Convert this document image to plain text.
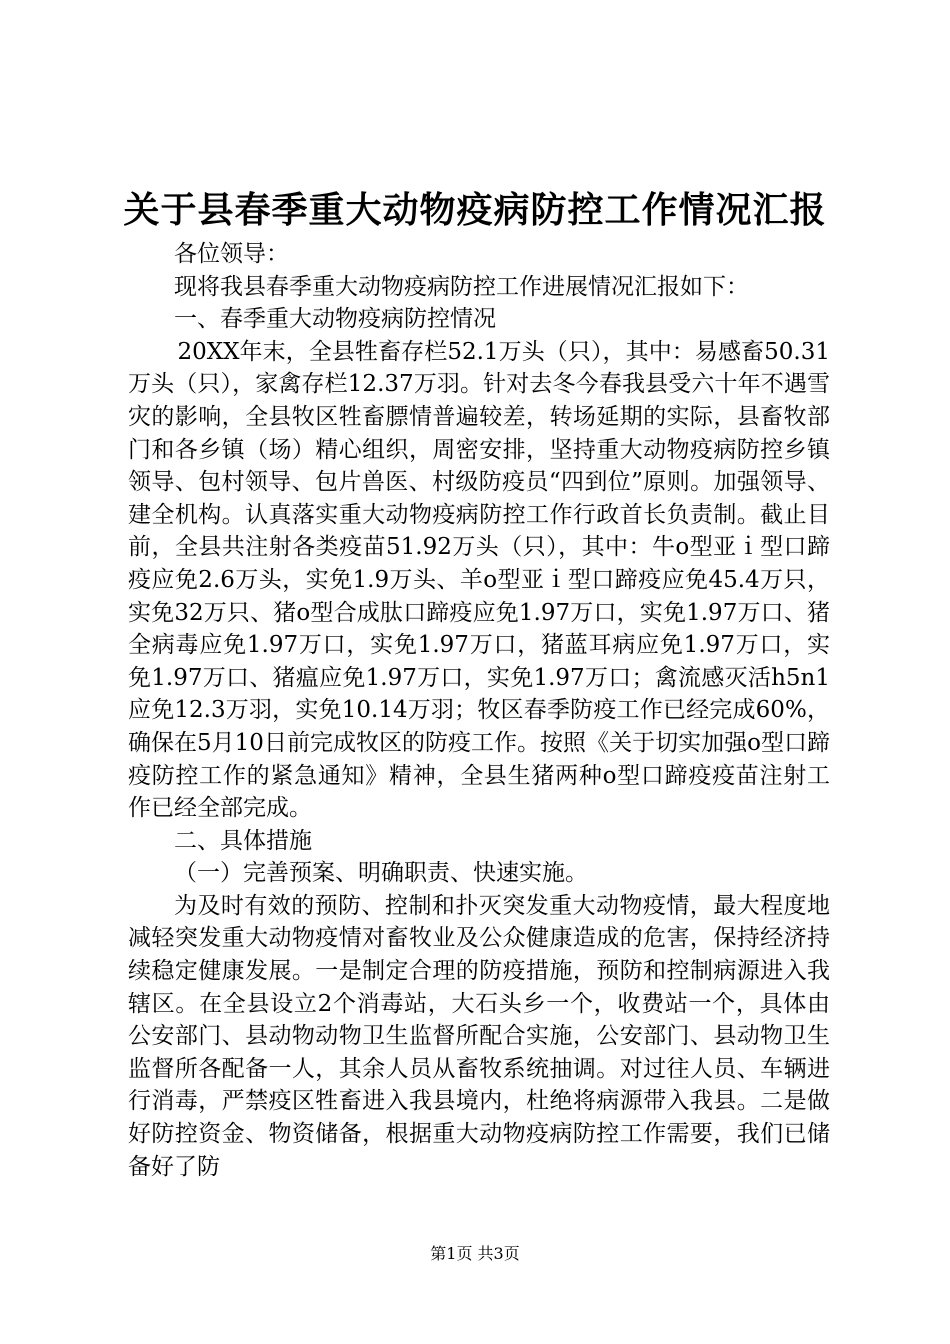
关于县春季重大动物疫病防控工作情况汇报

各位领导：

现将我县春季重大动物疫病防控工作进展情况汇报如下：

一、春季重大动物疫病防控情况

20XX年末，全县牲畜存栏52.1万头（只），其中：易感畜50.31万头（只），家禽存栏12.37万羽。针对去冬今春我县受六十年不遇雪灾的影响，全县牧区牲畜膘情普遍较差，转场延期的实际，县畜牧部门和各乡镇（场）精心组织，周密安排，坚持重大动物疫病防控乡镇领导、包村领导、包片兽医、村级防疫员“四到位”原则。加强领导、建全机构。认真落实重大动物疫病防控工作行政首长负责制。截止目前，全县共注射各类疫苗51.92万头（只），其中：牛o型亚ｉ型口蹄疫应免2.6万头，实免1.9万头、羊o型亚ｉ型口蹄疫应免45.4万只，实免32万只、猪o型合成肽口蹄疫应免1.97万口，实免1.97万口、猪全病毒应免1.97万口，实免1.97万口，猪蓝耳病应免1.97万口，实免1.97万口、猪瘟应免1.97万口，实免1.97万口；禽流感灭活h5n1应免12.3万羽，实免10.14万羽；牧区春季防疫工作已经完成60%，确保在5月10日前完成牧区的防疫工作。按照《关于切实加强o型口蹄疫防控工作的紧急通知》精神，全县生猪两种o型口蹄疫疫苗注射工作已经全部完成。

二、具体措施

（一）完善预案、明确职责、快速实施。

为及时有效的预防、控制和扑灭突发重大动物疫情，最大程度地减轻突发重大动物疫情对畜牧业及公众健康造成的危害，保持经济持续稳定健康发展。一是制定合理的防疫措施，预防和控制病源进入我辖区。在全县设立2个消毒站，大石头乡一个，收费站一个，具体由公安部门、县动物动物卫生监督所配合实施，公安部门、县动物卫生监督所各配备一人，其余人员从畜牧系统抽调。对过往人员、车辆进行消毒，严禁疫区牲畜进入我县境内，杜绝将病源带入我县。二是做好防控资金、物资储备，根据重大动物疫病防控工作需要，我们已储备好了防

第1页 共3页
